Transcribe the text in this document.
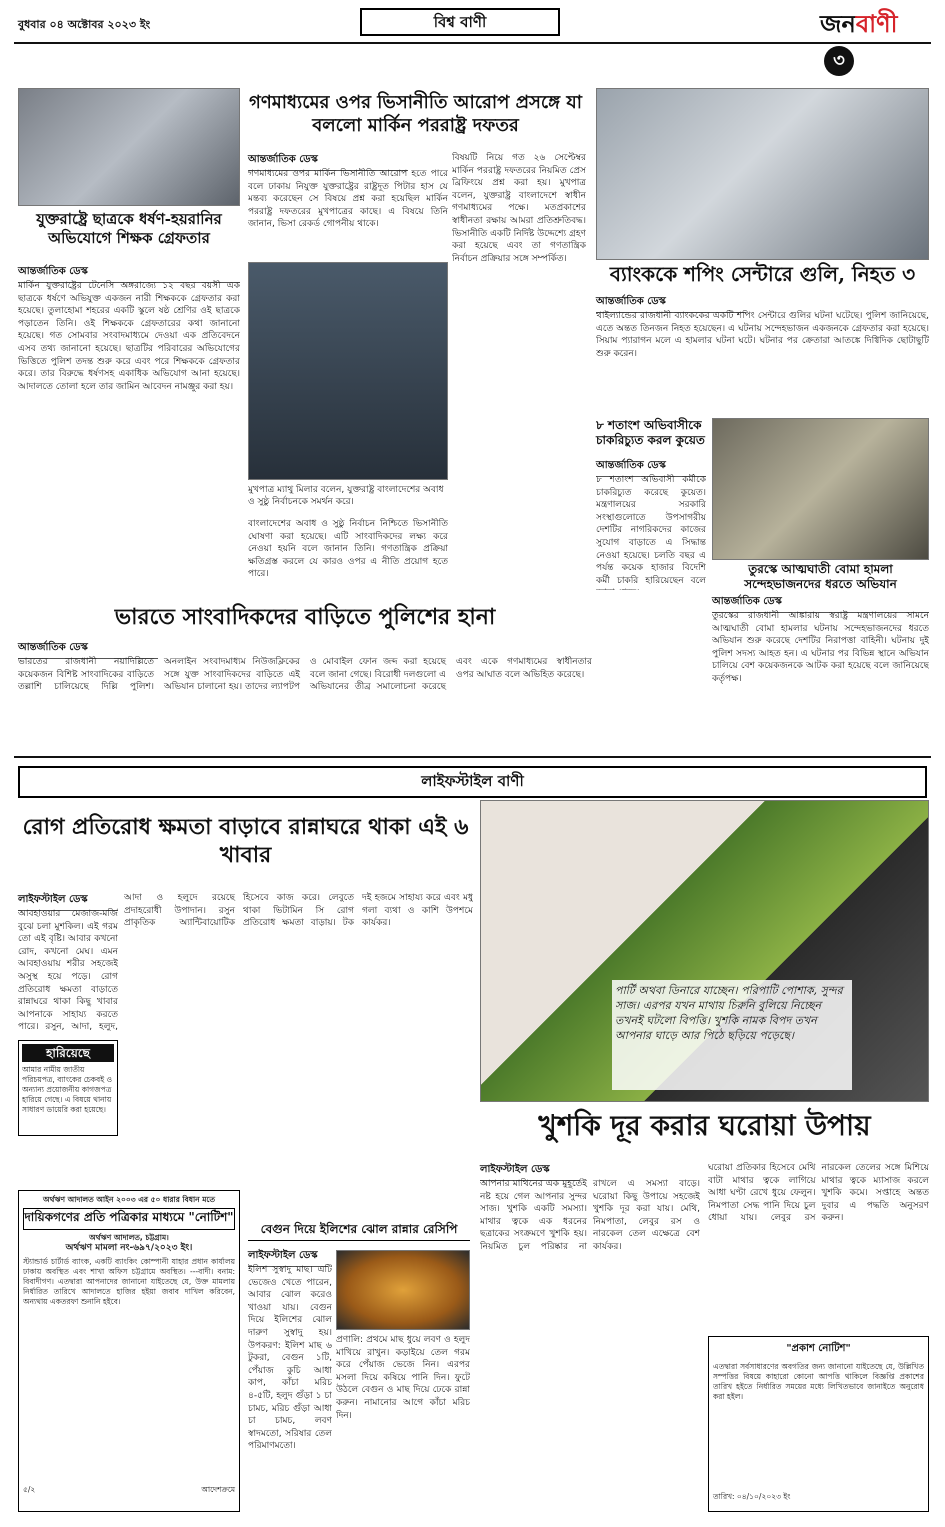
বুধবার ০৪ অক্টোবর ২০২৩ ইং	বিশ্ব বাণী	জনবাণী৩
যুক্তরাষ্ট্রে ছাত্রকে ধর্ষণ-হয়রানির অভিযোগে শিক্ষক গ্রেফতার
আন্তর্জাতিক ডেস্ক
মার্কিন যুক্তরাষ্ট্রের টেনেসি অঙ্গরাজ্যে ১২ বছর বয়সী এক ছাত্রকে ধর্ষণে অভিযুক্ত একজন নারী শিক্ষককে গ্রেফতার করা হয়েছে। তুলাহোমা শহরের একটি স্কুলে ষষ্ঠ শ্রেণির ওই ছাত্রকে পড়াতেন তিনি। ওই শিক্ষককে গ্রেফতারের কথা জানানো হয়েছে। গত সোমবার সংবাদমাধ্যমে দেওয়া এক প্রতিবেদনে এসব তথ্য জানানো হয়েছে। ছাত্রটির পরিবারের অভিযোগের ভিত্তিতে পুলিশ তদন্ত শুরু করে এবং পরে শিক্ষককে গ্রেফতার করে। তার বিরুদ্ধে ধর্ষণসহ একাধিক অভিযোগ আনা হয়েছে। আদালতে তোলা হলে তার জামিন আবেদন নামঞ্জুর করা হয়।
গণমাধ্যমের ওপর ভিসানীতি আরোপ প্রসঙ্গে যা বললো মার্কিন পররাষ্ট্র দফতর
আন্তর্জাতিক ডেস্ক
গণমাধ্যমের ওপর মার্কিন ভিসানীতি আরোপ হতে পারে বলে ঢাকায় নিযুক্ত যুক্তরাষ্ট্রের রাষ্ট্রদূত পিটার হাস যে মন্তব্য করেছেন সে বিষয়ে প্রশ্ন করা হয়েছিল মার্কিন পররাষ্ট্র দফতরের মুখপাত্রের কাছে। এ বিষয়ে তিনি জানান, ভিসা রেকর্ড গোপনীয় থাকে।
মুখপাত্র ম্যাথু মিলার বলেন, যুক্তরাষ্ট্র বাংলাদেশের অবাধ ও সুষ্ঠু নির্বাচনকে সমর্থন করে।
বাংলাদেশের অবাধ ও সুষ্ঠু নির্বাচন নিশ্চিতে ভিসানীতি ঘোষণা করা হয়েছে। এটি সাংবাদিকদের লক্ষ্য করে নেওয়া হয়নি বলে জানান তিনি। গণতান্ত্রিক প্রক্রিয়া ক্ষতিগ্রস্ত করলে যে কারও ওপর এ নীতি প্রয়োগ হতে পারে।
বিষয়টি নিয়ে গত ২৬ সেপ্টেম্বর মার্কিন পররাষ্ট্র দফতরের নিয়মিত প্রেস ব্রিফিংয়ে প্রশ্ন করা হয়। মুখপাত্র বলেন, যুক্তরাষ্ট্র বাংলাদেশে স্বাধীন গণমাধ্যমের পক্ষে। মতপ্রকাশের স্বাধীনতা রক্ষায় আমরা প্রতিশ্রুতিবদ্ধ। ভিসানীতি একটি নির্দিষ্ট উদ্দেশ্যে গ্রহণ করা হয়েছে এবং তা গণতান্ত্রিক নির্বাচন প্রক্রিয়ার সঙ্গে সম্পর্কিত।
ব্যাংককে শপিং সেন্টারে গুলি, নিহত ৩
আন্তর্জাতিক ডেস্ক
থাইল্যান্ডের রাজধানী ব্যাংককের একটি শপিং সেন্টারে গুলির ঘটনা ঘটেছে। পুলিশ জানিয়েছে, এতে অন্তত তিনজন নিহত হয়েছেন। এ ঘটনায় সন্দেহভাজন একজনকে গ্রেফতার করা হয়েছে। সিয়াম প্যারাগন মলে এ হামলার ঘটনা ঘটে। ঘটনার পর ক্রেতারা আতঙ্কে দিগ্বিদিক ছোটাছুটি শুরু করেন।
৮ শতাংশ অভিবাসীকে চাকরিচ্যুত করল কুয়েত
আন্তর্জাতিক ডেস্ক
৮ শতাংশ অভিবাসী কর্মীকে চাকরিচ্যুত করেছে কুয়েত। মন্ত্রণালয়ের সরকারি সংস্থাগুলোতে উপসাগরীয় দেশটির নাগরিকদের কাজের সুযোগ বাড়াতে এ সিদ্ধান্ত নেওয়া হয়েছে। চলতি বছর এ পর্যন্ত কয়েক হাজার বিদেশি কর্মী চাকরি হারিয়েছেন বলে
তুরস্কে আত্মঘাতী বোমা হামলা সন্দেহভাজনদের ধরতে অভিযান
আন্তর্জাতিক ডেস্ক
তুরস্কের রাজধানী আঙ্কারায় স্বরাষ্ট্র মন্ত্রণালয়ের সামনে আত্মঘাতী বোমা হামলার ঘটনায় সন্দেহভাজনদের ধরতে অভিযান শুরু করেছে দেশটির নিরাপত্তা বাহিনী। ঘটনায় দুই পুলিশ সদস্য আহত হন। এ ঘটনার পর বিভিন্ন স্থানে অভিযান চালিয়ে বেশ কয়েকজনকে আটক করা হয়েছে বলে জানিয়েছে কর্তৃপক্ষ।
ভারতে সাংবাদিকদের বাড়িতে পুলিশের হানা
আন্তর্জাতিক ডেস্ক
ভারতের রাজধানী নয়াদিল্লিতে কয়েকজন বিশিষ্ট সাংবাদিকের বাড়িতে তল্লাশি চালিয়েছে দিল্লি পুলিশ। অনলাইন সংবাদমাধ্যম নিউজক্লিকের সঙ্গে যুক্ত সাংবাদিকদের বাড়িতে এই অভিযান চালানো হয়। তাদের ল্যাপটপ ও মোবাইল ফোন জব্দ করা হয়েছে বলে জানা গেছে। বিরোধী দলগুলো এ অভিযানের তীব্র সমালোচনা করেছে এবং একে গণমাধ্যমের স্বাধীনতার ওপর আঘাত বলে অভিহিত করেছে।
লাইফস্টাইল বাণী
রোগ প্রতিরোধ ক্ষমতা বাড়াবে রান্নাঘরে থাকা এই ৬ খাবার
লাইফস্টাইল ডেস্ক
আবহাওয়ার মেজাজ-মর্জি বুঝে চলা মুশকিল। এই গরম তো এই বৃষ্টি। আবার কখনো রোদ, কখনো মেঘ। এমন আবহাওয়ায় শরীর সহজেই অসুস্থ হয়ে পড়ে। রোগ প্রতিরোধ ক্ষমতা বাড়াতে রান্নাঘরে থাকা কিছু খাবার আপনাকে সাহায্য করতে পারে। রসুন, আদা, হলুদ,
আদা ও হলুদে রয়েছে প্রদাহরোধী উপাদান। রসুন প্রাকৃতিক অ্যান্টিবায়োটিক হিসেবে কাজ করে। লেবুতে থাকা ভিটামিন সি রোগ প্রতিরোধ ক্ষমতা বাড়ায়। টক দই হজমে সাহায্য করে এবং মধু গলা ব্যথা ও কাশি উপশমে কার্যকর।
হারিয়েছে
আমার নামীয় জাতীয় পরিচয়পত্র, ব্যাংকের চেকবই ও অন্যান্য প্রয়োজনীয় কাগজপত্র হারিয়ে গেছে। এ বিষয়ে থানায় সাধারণ ডায়েরি করা হয়েছে।
অর্থঋণ আদালত আইন ২০০৩ এর ৫০ ধারার বিধান মতে
দায়িকগণের প্রতি পত্রিকার মাধ্যমে "নোটিশ"
অর্থঋণ আদালত, চট্টগ্রাম।
অর্থঋণ মামলা নং-৬৯৭/২০২৩ ইং।
স্ট্যান্ডার্ড চার্টার্ড ব্যাংক, একটি ব্যাংকিং কোম্পানী যাহার প্রধান কার্যালয় ঢাকায় অবস্থিত এবং শাখা অফিস চট্টগ্রামে অবস্থিত। ---বাদী। বনাম: বিবাদীগণ। এতদ্বারা আপনাদের জানানো যাইতেছে যে, উক্ত মামলায় নির্ধারিত তারিখে আদালতে হাজির হইয়া জবাব দাখিল করিবেন, অন্যথায় একতরফা শুনানি হইবে।
৫/২	আদেশক্রমে
বেগুন দিয়ে ইলিশের ঝোল রান্নার রেসিপি
লাইফস্টাইল ডেস্ক
ইলিশ সুস্বাদু মাছ। এটি ভেজেও খেতে পারেন, আবার ঝোল করেও খাওয়া যায়। বেগুন দিয়ে ইলিশের ঝোল দারুণ সুস্বাদু হয়। উপকরণ: ইলিশ মাছ ৬ টুকরা, বেগুন ১টি, পেঁয়াজ কুচি আধা কাপ, কাঁচা মরিচ ৪-৫টি, হলুদ গুঁড়া ১ চা চামচ, মরিচ গুঁড়া আধা চা চামচ, লবণ স্বাদমতো, সরিষার তেল পরিমাণমতো।
প্রণালি: প্রথমে মাছ ধুয়ে লবণ ও হলুদ মাখিয়ে রাখুন। কড়াইয়ে তেল গরম করে পেঁয়াজ ভেজে নিন। এরপর মসলা দিয়ে কষিয়ে পানি দিন। ফুটে উঠলে বেগুন ও মাছ দিয়ে ঢেকে রান্না করুন। নামানোর আগে কাঁচা মরিচ দিন।
পার্টি অথবা ডিনারে যাচ্ছেন। পরিপাটি পোশাক, সুন্দর সাজ। এরপর যখন মাথায় চিরুনি বুলিয়ে নিচ্ছেন তখনই ঘটলো বিপত্তি। খুশকি নামক বিপদ তখন আপনার ঘাড়ে আর পিঠে ছড়িয়ে পড়েছে।
খুশকি দূর করার ঘরোয়া উপায়
লাইফস্টাইল ডেস্ক
আপনার মাথিনের এক মুহূর্তেই নষ্ট হয়ে গেল আপনার সুন্দর সাজ। খুশকি একটি সমস্যা। মাথার ত্বকে এক ধরনের ছত্রাকের সংক্রমণে খুশকি হয়। নিয়মিত চুল পরিষ্কার না রাখলে এ সমস্যা বাড়ে। ঘরোয়া কিছু উপায়ে সহজেই খুশকি দূর করা যায়। মেথি, নিমপাতা, লেবুর রস ও নারকেল তেল এক্ষেত্রে বেশ কার্যকর।
ঘরোয়া প্রতিকার হিসেবে মেথি বাটা মাথার ত্বকে লাগিয়ে আধা ঘণ্টা রেখে ধুয়ে ফেলুন। নিমপাতা সেদ্ধ পানি দিয়ে চুল ধোয়া যায়। লেবুর রস নারকেল তেলের সঙ্গে মিশিয়ে মাথার ত্বকে ম্যাসাজ করলে খুশকি কমে। সপ্তাহে অন্তত দুবার এ পদ্ধতি অনুসরণ করুন।
"প্রকাশ নোটিশ"
এতদ্বারা সর্বসাধারণের অবগতির জন্য জানানো যাইতেছে যে, উল্লিখিত সম্পত্তির বিষয়ে কাহারো কোনো আপত্তি থাকিলে বিজ্ঞপ্তি প্রকাশের তারিখ হইতে নির্ধারিত সময়ের মধ্যে লিখিতভাবে জানাইতে অনুরোধ করা হইল।
তারিখ: ০৪/১০/২০২৩ ইং
